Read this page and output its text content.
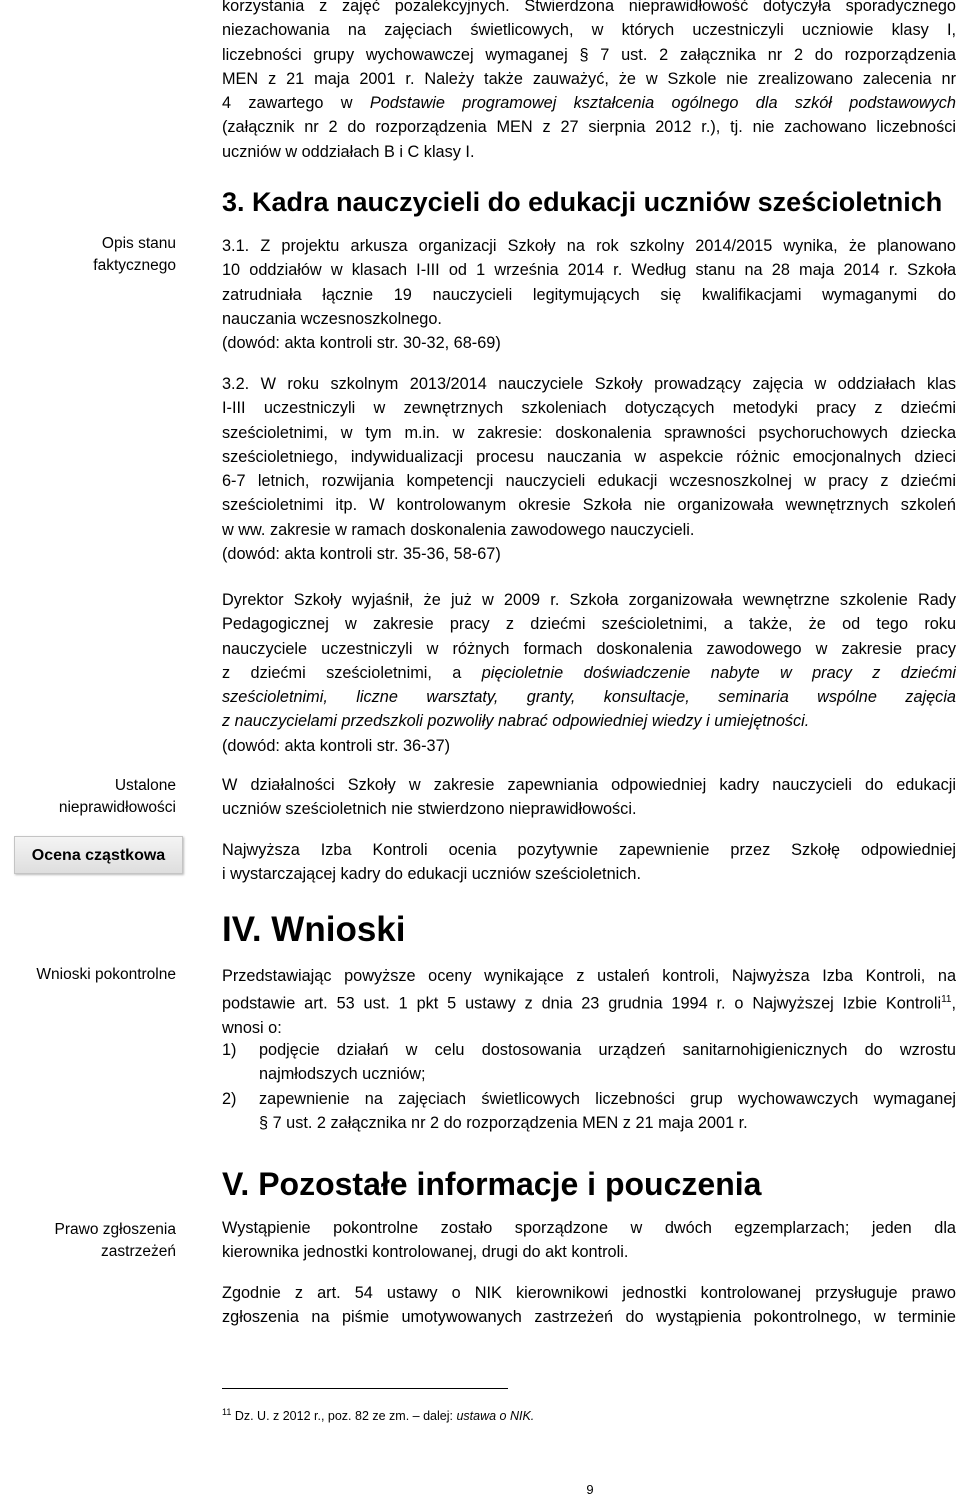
Opis stanu
faktycznego
Ustalone
nieprawidłowości
Ocena cząstkowa
Wnioski pokontrolne
Prawo zgłoszenia
zastrzeżeń
korzystania z zajęć pozalekcyjnych. Stwierdzona nieprawidłowość dotyczyła sporadycznego
niezachowania na zajęciach świetlicowych, w których uczestniczyli uczniowie klasy I,
liczebności grupy wychowawczej wymaganej § 7 ust. 2 załącznika nr 2 do rozporządzenia
MEN z 21 maja 2001 r. Należy także zauważyć, że w Szkole nie zrealizowano zalecenia nr
4 zawartego w Podstawie programowej kształcenia ogólnego dla szkół podstawowych
(załącznik nr 2 do rozporządzenia MEN z 27 sierpnia 2012 r.), tj. nie zachowano liczebności
uczniów w oddziałach B i C klasy I.
3. Kadra nauczycieli do edukacji uczniów sześcioletnich
3.1. Z projektu arkusza organizacji Szkoły na rok szkolny 2014/2015 wynika, że planowano
10 oddziałów w klasach I-III od 1 września 2014 r. Według stanu na 28 maja 2014 r. Szkoła
zatrudniała łącznie 19 nauczycieli legitymujących się kwalifikacjami wymaganymi do
nauczania wczesnoszkolnego.
(dowód: akta kontroli str. 30-32, 68-69)
3.2. W roku szkolnym 2013/2014 nauczyciele Szkoły prowadzący zajęcia w oddziałach klas
I-III uczestniczyli w zewnętrznych szkoleniach dotyczących metodyki pracy z dziećmi
sześcioletnimi, w tym m.in. w zakresie: doskonalenia sprawności psychoruchowych dziecka
sześcioletniego, indywidualizacji procesu nauczania w aspekcie różnic emocjonalnych dzieci
6-7 letnich, rozwijania kompetencji nauczycieli edukacji wczesnoszkolnej w pracy z dziećmi
sześcioletnimi itp. W kontrolowanym okresie Szkoła nie organizowała wewnętrznych szkoleń
w ww. zakresie w ramach doskonalenia zawodowego nauczycieli.
(dowód: akta kontroli str. 35-36, 58-67)
Dyrektor Szkoły wyjaśnił, że już w 2009 r. Szkoła zorganizowała wewnętrzne szkolenie Rady
Pedagogicznej w zakresie pracy z dziećmi sześcioletnimi, a także, że od tego roku
nauczyciele uczestniczyli w różnych formach doskonalenia zawodowego w zakresie pracy
z dziećmi sześcioletnimi, a pięcioletnie doświadczenie nabyte w pracy z dziećmi
sześcioletnimi, liczne warsztaty, granty, konsultacje, seminaria wspólne zajęcia
z nauczycielami przedszkoli pozwoliły nabrać odpowiedniej wiedzy i umiejętności.
(dowód: akta kontroli str. 36-37)
W działalności Szkoły w zakresie zapewniania odpowiedniej kadry nauczycieli do edukacji
uczniów sześcioletnich nie stwierdzono nieprawidłowości.
Najwyższa Izba Kontroli ocenia pozytywnie zapewnienie przez Szkołę odpowiedniej
i wystarczającej kadry do edukacji uczniów sześcioletnich.
IV. Wnioski
Przedstawiając powyższe oceny wynikające z ustaleń kontroli, Najwyższa Izba Kontroli, na
podstawie art. 53 ust. 1 pkt 5 ustawy z dnia 23 grudnia 1994 r. o Najwyższej Izbie Kontroli$^{11}$,
wnosi o:
1) podjęcie działań w celu dostosowania urządzeń sanitarnohigienicznych do wzrostu
najmłodszych uczniów;
2) zapewnienie na zajęciach świetlicowych liczebności grup wychowawczych wymaganej
§ 7 ust. 2 załącznika nr 2 do rozporządzenia MEN z 21 maja 2001 r.
V. Pozostałe informacje i pouczenia
Wystąpienie pokontrolne zostało sporządzone w dwóch egzemplarzach; jeden dla
kierownika jednostki kontrolowanej, drugi do akt kontroli.
Zgodnie z art. 54 ustawy o NIK kierownikowi jednostki kontrolowanej przysługuje prawo
zgłoszenia na piśmie umotywowanych zastrzeżeń do wystąpienia pokontrolnego, w terminie
$^{11}$ Dz. U. z 2012 r., poz. 82 ze zm. – dalej: ustawa o NIK.
9
